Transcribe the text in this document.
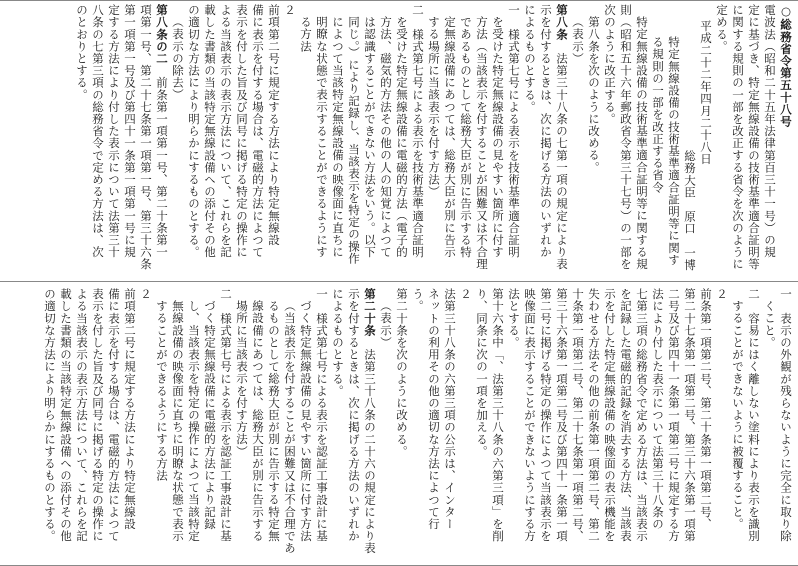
○総務省令第五十八号
電波法（昭和二十五年法律第百三十一号）の規
定に基づき、特定無線設備の技術基準適合証明等
に関する規則の一部を改正する省令を次のように
定める。
平成二十二年四月二十八日
総務大臣　原口　一博
特定無線設備の技術基準適合証明等に関す
る規則の一部を改正する省令
特定無線設備の技術基準適合証明等に関する規
則（昭和五十六年郵政省令第三十七号）の一部を
次のように改正する。
第八条を次のように改める。
（表示）
第八条　法第三十八条の七第一項の規定により表
示を付するときは、次に掲げる方法のいずれか
によるものとする。
一　様式第七号による表示を技術基準適合証明
を受けた特定無線設備の見やすい箇所に付す
方法（当該表示を付することが困難又は不合理
であるものとして総務大臣が別に告示する特
定無線設備にあつては、総務大臣が別に告示
する場所に当該表示を付す方法）
二　様式第七号による表示を技術基準適合証明
を受けた特定無線設備に電磁的方法（電子的
方法、磁気的方法その他の人の知覚によつて
は認識することができない方法をいう。以下
同じ。）により記録し、当該表示を特定の操作
によつて当該特定無線設備の映像面に直ちに
明瞭な状態で表示することができるようにす
る方法
２
前項第二号に規定する方法により特定無線設
備に表示を付する場合は、電磁的方法によつて
表示を付した旨及び同号に掲げる特定の操作に
よる当該表示の表示方法について、これらを記
載した書類の当該特定無線設備への添付その他
の適切な方法により明らかにするものとする。
（表示の除去）
第八条の二　前条第一項第一号、第二十条第一
項第一号、第二十七条第一項第一号、第三十六条
第一項第一号及び第四十一条第一項第一号に規
定する方法により付した表示について法第三十
八条の七第三項の総務省令で定める方法は、次
のとおりとする。
一　表示の外観が残らないように完全に取り除
くこと。
二　容易にはく離しない塗料により表示を識別
することができないように被覆すること。
２
前条第一項第二号、第二十条第一項第二号、
第二十七条第一項第二号、第三十六条第一項第
二号及び第四十一条第一項第二号に規定する方
法により付した表示について法第三十八条の
七第三項の総務省令で定める方法は、当該表示
を記録した電磁的記録を消去する方法、当該表
示を付した特定無線設備の映像面の表示機能を
失わせる方法その他の前条第一項第二号、第二
十条第一項第二号、第二十七条第一項第二号、
第三十六条第一項第二号及び第四十一条第一項
第二号に掲げる特定の操作によつて当該表示を
映像面に表示することができないようにする方
法とする。
第十六条中「、法第三十八条の六第三項」を削
り、同条に次の一項を加える。
２
法第三十八条の六第三項の公示は、インター
ネットの利用その他の適切な方法によつて行
う。
第二十条を次のように改める。
（表示）
第二十条　法第三十八条の二十六の規定により表
示を付するときは、次に掲げる方法のいずれか
によるものとする。
一　様式第七号による表示を認証工事設計に基
づく特定無線設備の見やすい箇所に付す方法
（当該表示を付することが困難又は不合理であ
るものとして総務大臣が別に告示する特定無
線設備にあつては、総務大臣が別に告示する
場所に当該表示を付す方法）
二　様式第七号による表示を認証工事設計に基
づく特定無線設備に電磁的方法により記録
し、当該表示を特定の操作によつて当該特定
無線設備の映像面に直ちに明瞭な状態で表示
することができるようにする方法
２
前項第二号に規定する方法により特定無線設
備に表示を付する場合は、電磁的方法によつて
表示を付した旨及び同号に掲げる特定の操作に
よる当該表示の表示方法について、これらを記
載した書類の当該特定無線設備への添付その他
の適切な方法により明らかにするものとする。
